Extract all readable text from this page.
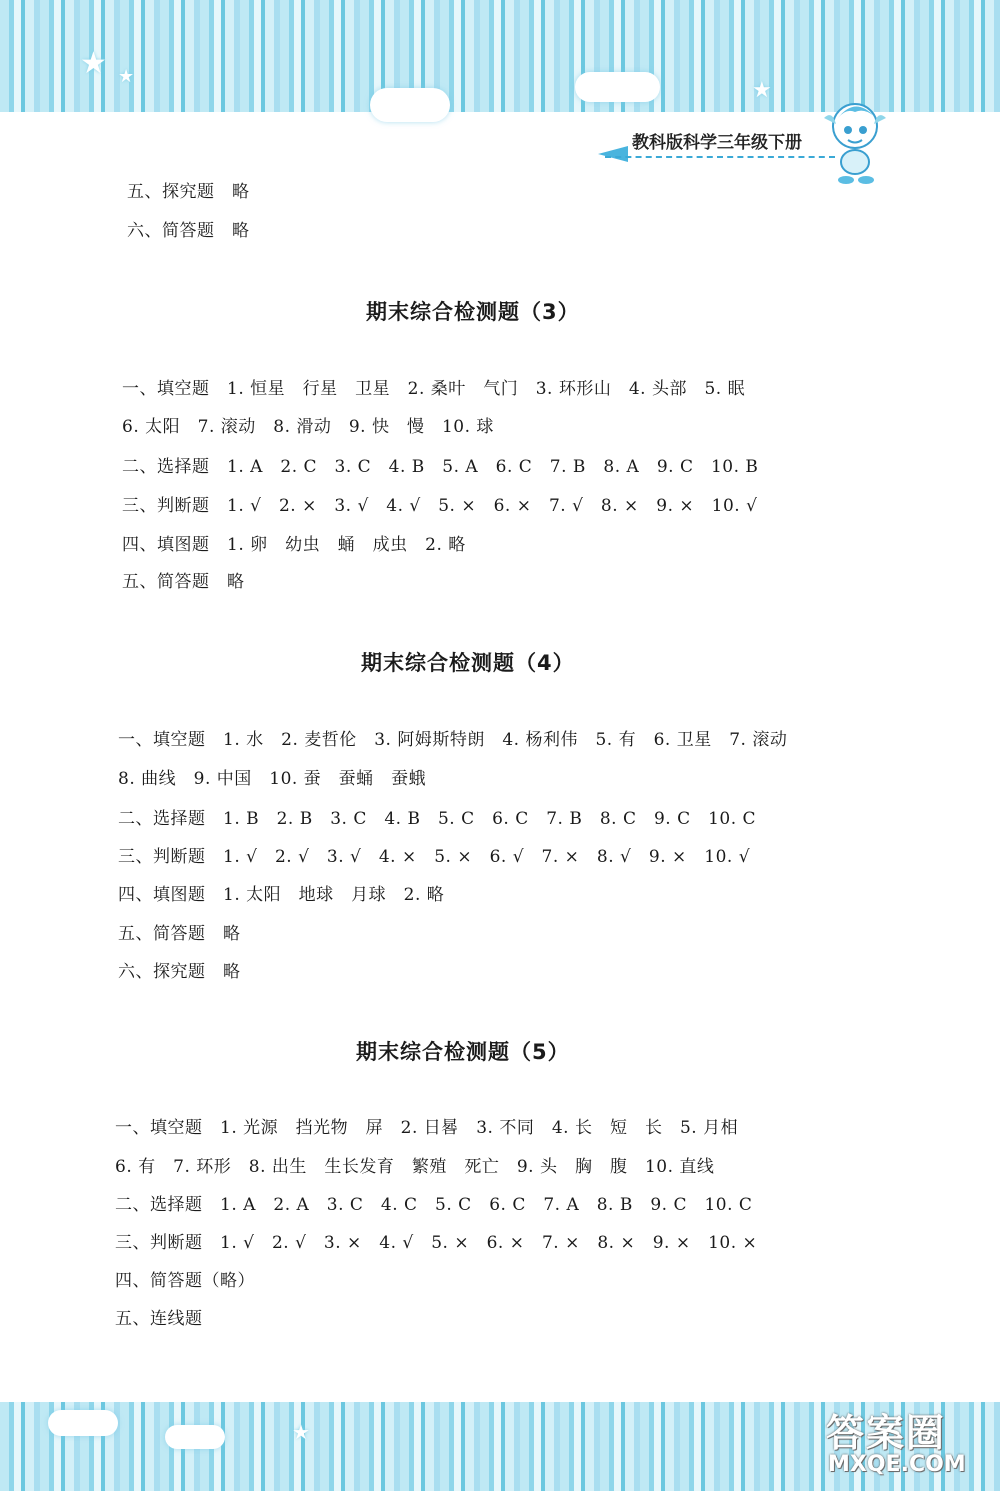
★ ★
★
教科版科学三年级下册
五、探究题　略
六、简答题　略
期末综合检测题（3）
一、填空题　1. 恒星　行星　卫星　2. 桑叶　气门　3. 环形山　4. 头部　5. 眠
6. 太阳　7. 滚动　8. 滑动　9. 快　慢　10. 球
二、选择题　1. A　2. C　3. C　4. B　5. A　6. C　7. B　8. A　9. C　10. B
三、判断题　1. √　2. ×　3. √　4. √　5. ×　6. ×　7. √　8. ×　9. ×　10. √
四、填图题　1. 卵　幼虫　蛹　成虫　2. 略
五、简答题　略
期末综合检测题（4）
一、填空题　1. 水　2. 麦哲伦　3. 阿姆斯特朗　4. 杨利伟　5. 有　6. 卫星　7. 滚动
8. 曲线　9. 中国　10. 蚕　蚕蛹　蚕蛾
二、选择题　1. B　2. B　3. C　4. B　5. C　6. C　7. B　8. C　9. C　10. C
三、判断题　1. √　2. √　3. √　4. ×　5. ×　6. √　7. ×　8. √　9. ×　10. √
四、填图题　1. 太阳　地球　月球　2. 略
五、简答题　略
六、探究题　略
期末综合检测题（5）
一、填空题　1. 光源　挡光物　屏　2. 日晷　3. 不同　4. 长　短　长　5. 月相
6. 有　7. 环形　8. 出生　生长发育　繁殖　死亡　9. 头　胸　腹　10. 直线
二、选择题　1. A　2. A　3. C　4. C　5. C　6. C　7. A　8. B　9. C　10. C
三、判断题　1. √　2. √　3. ×　4. √　5. ×　6. ×　7. ×　8. ×　9. ×　10. ×
四、简答题（略）
五、连线题
★	答案圈
MXQE.COM
